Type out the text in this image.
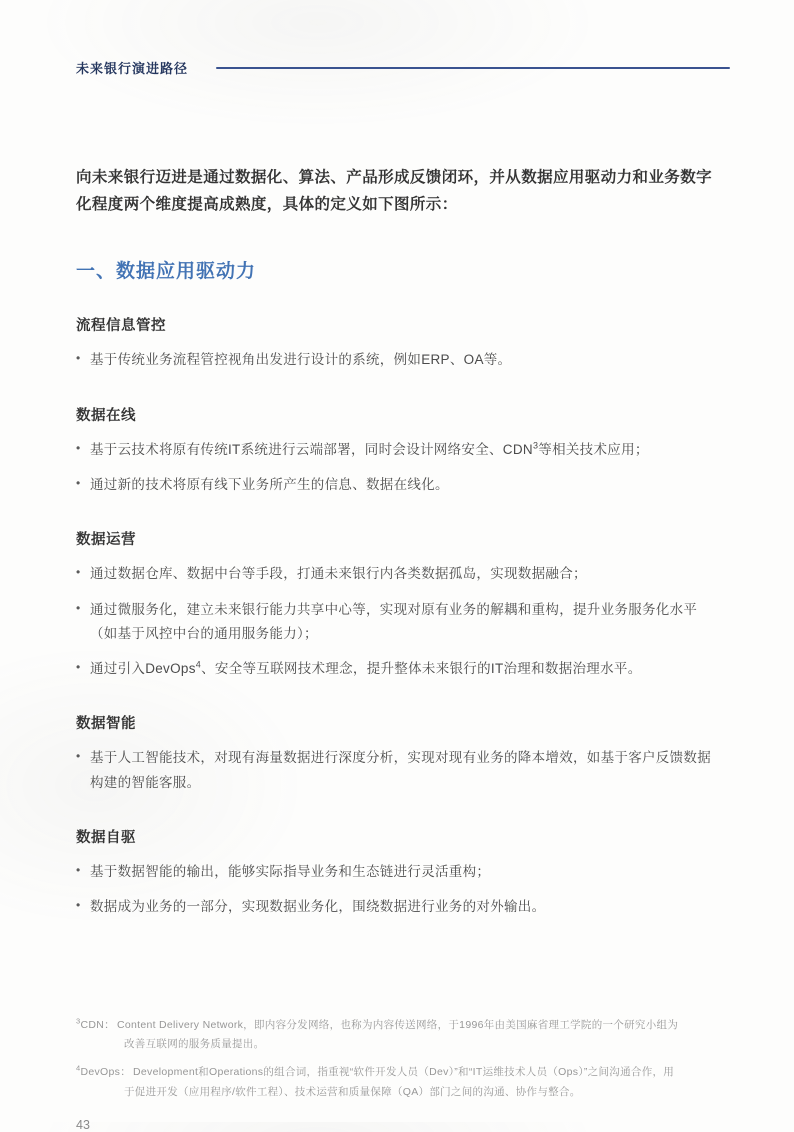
未来银行演进路径

向未来银行迈进是通过数据化、算法、产品形成反馈闭环，并从数据应用驱动力和业务数字化程度两个维度提高成熟度，具体的定义如下图所示：

一、数据应用驱动力
流程信息管控
• 基于传统业务流程管控视角出发进行设计的系统，例如ERP、OA等。
数据在线
• 基于云技术将原有传统IT系统进行云端部署，同时会设计网络安全、CDN$^3$等相关技术应用；
• 通过新的技术将原有线下业务所产生的信息、数据在线化。
数据运营
• 通过数据仓库、数据中台等手段，打通未来银行内各类数据孤岛，实现数据融合；
• 通过微服务化，建立未来银行能力共享中心等，实现对原有业务的解耦和重构，提升业务服务化水平（如基于风控中台的通用服务能力）；
• 通过引入DevOps$^4$、安全等互联网技术理念，提升整体未来银行的IT治理和数据治理水平。
数据智能
• 基于人工智能技术，对现有海量数据进行深度分析，实现对现有业务的降本增效，如基于客户反馈数据构建的智能客服。
数据自驱
• 基于数据智能的输出，能够实际指导业务和生态链进行灵活重构；
• 数据成为业务的一部分，实现数据业务化，围绕数据进行业务的对外输出。
$^3$CDN： Content Delivery Network，即内容分发网络，也称为内容传送网络，于1996年由美国麻省理工学院的一个研究小组为改善互联网的服务质量提出。
$^4$DevOps： Development和Operations的组合词，指重视“软件开发人员（Dev）”和“IT运维技术人员（Ops）”之间沟通合作，用于促进开发（应用程序/软件工程）、技术运营和质量保障（QA）部门之间的沟通、协作与整合。
43
